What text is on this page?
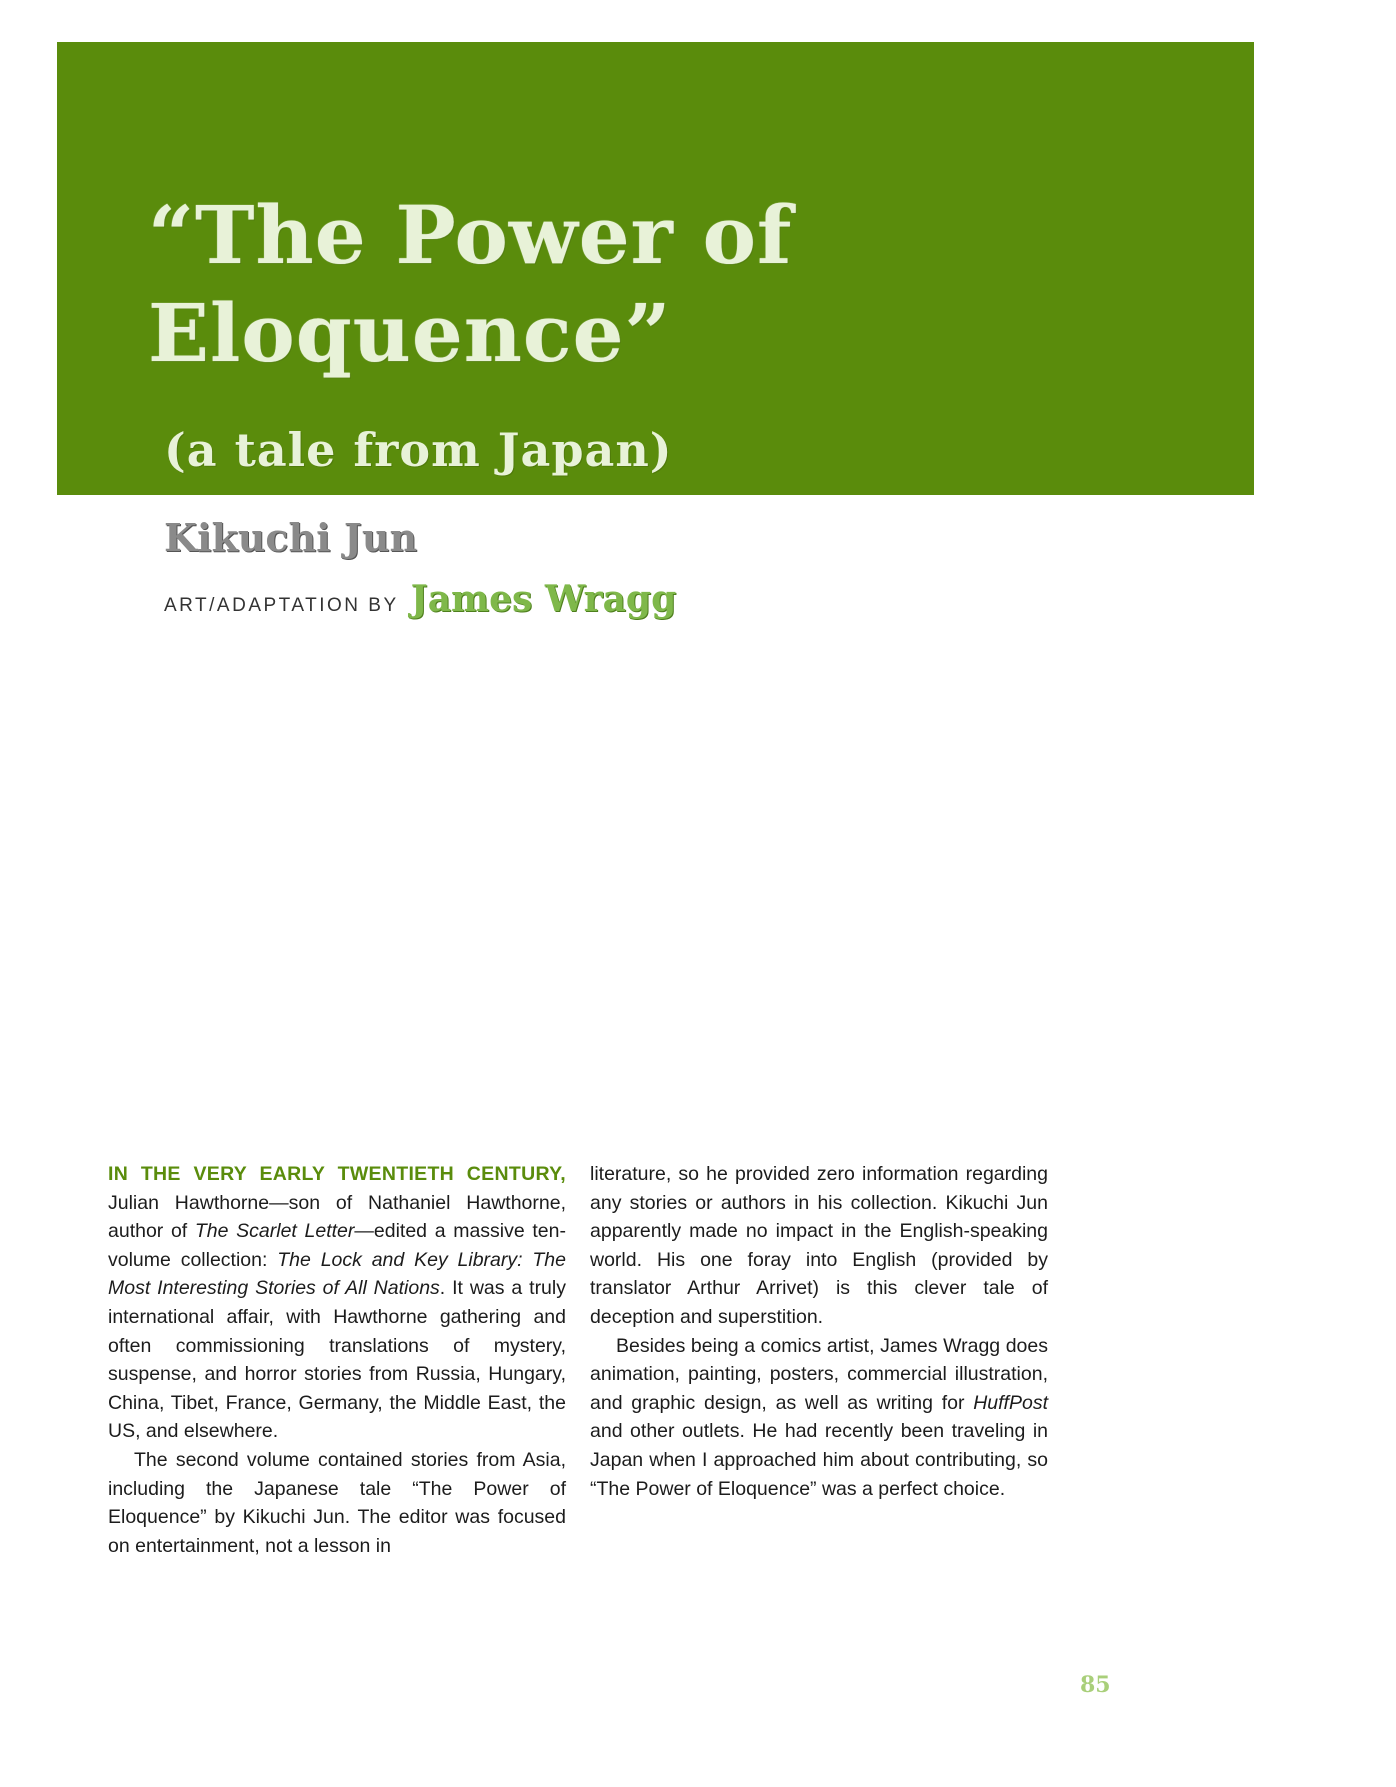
“The Power of
Eloquence”
(a tale from Japan)
Kikuchi Jun
ART/ADAPTATION BY James Wragg

IN THE VERY EARLY TWENTIETH CENTURY, Julian Hawthorne—son of Nathaniel Hawthorne, author of The Scarlet Letter—edited a massive ten-volume collection: The Lock and Key Library: The Most Interesting Stories of All Nations. It was a truly international affair, with Hawthorne gathering and often commissioning translations of mystery, suspense, and horror stories from Russia, Hungary, China, Tibet, France, Germany, the Middle East, the US, and elsewhere.

The second volume contained stories from Asia, including the Japanese tale “The Power of Eloquence” by Kikuchi Jun. The editor was focused on entertainment, not a lesson in

literature, so he provided zero information regarding any stories or authors in his collection. Kikuchi Jun apparently made no impact in the English-speaking world. His one foray into English (provided by translator Arthur Arrivet) is this clever tale of deception and superstition.

Besides being a comics artist, James Wragg does animation, painting, posters, commercial illustration, and graphic design, as well as writing for HuffPost and other outlets. He had recently been traveling in Japan when I approached him about contributing, so “The Power of Eloquence” was a perfect choice.

85
